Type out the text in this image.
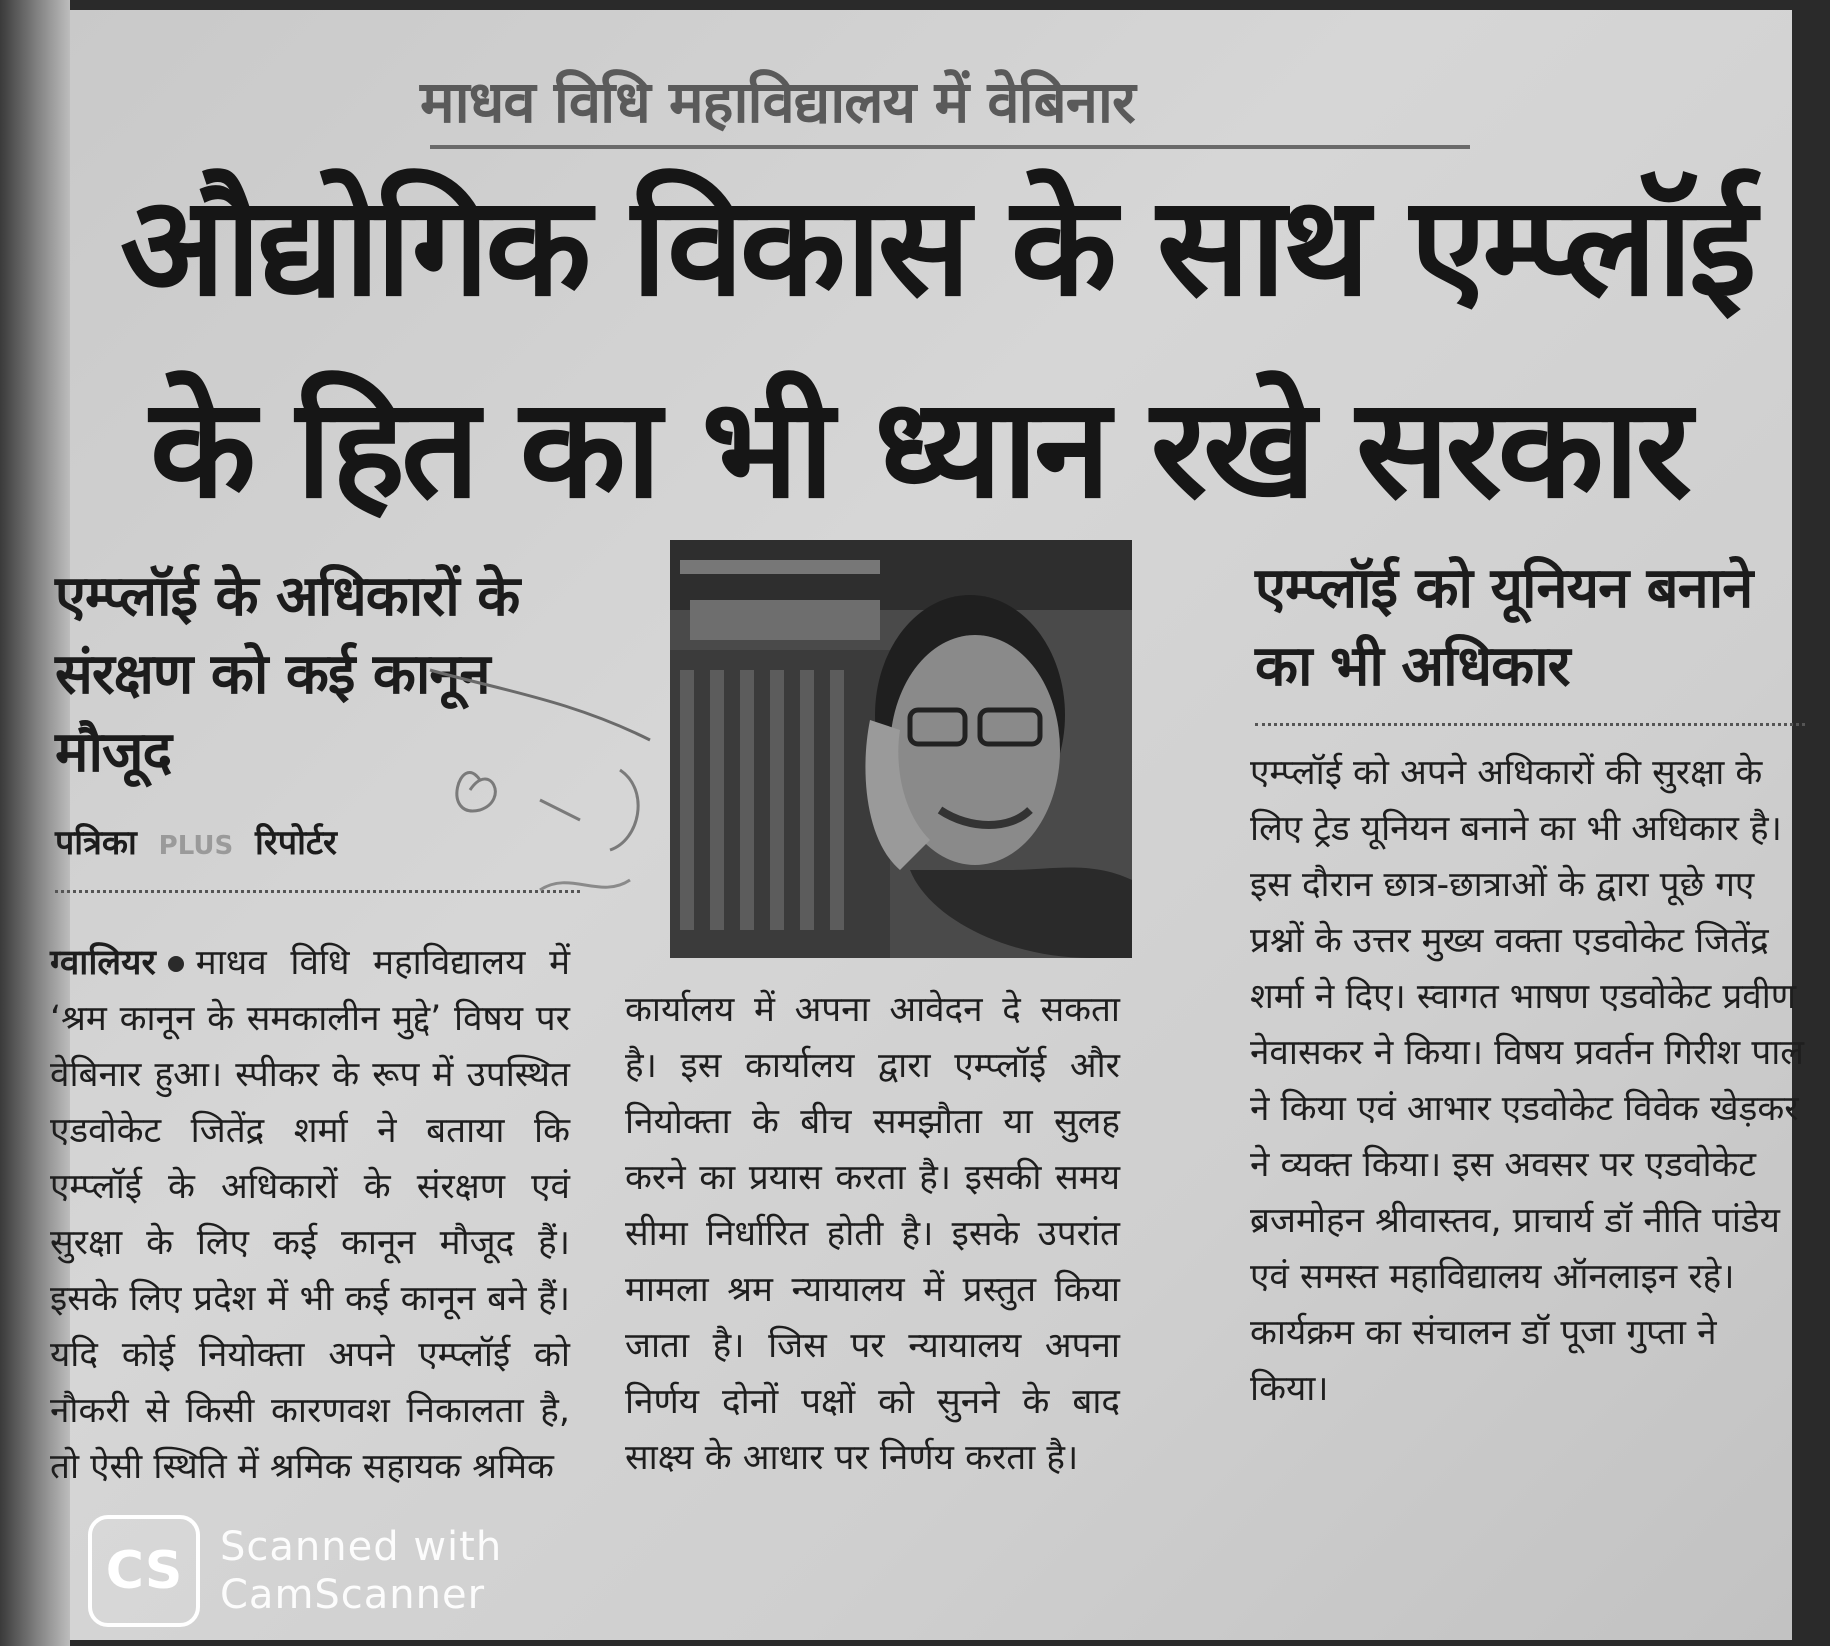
माधव विधि महाविद्यालय में वेबिनार
औद्योगिक विकास के साथ एम्प्लॉई
के हित का भी ध्यान रखे सरकार
एम्प्लॉई के अधिकारों के संरक्षण को कई कानून मौजूद
पत्रिका PLUS रिपोर्टर
एम्प्लॉई को यूनियन बनाने का भी अधिकार
ग्वालियर माधव विधि महाविद्यालय में ‘श्रम कानून के समकालीन मुद्दे’ विषय पर वेबिनार हुआ। स्पीकर के रूप में उपस्थित एडवोकेट जितेंद्र शर्मा ने बताया कि एम्प्लॉई के अधिकारों के संरक्षण एवं सुरक्षा के लिए कई कानून मौजूद हैं। इसके लिए प्रदेश में भी कई कानून बने हैं। यदि कोई नियोक्ता अपने एम्प्लॉई को नौकरी से किसी कारणवश निकालता है, तो ऐसी स्थिति में श्रमिक सहायक श्रमिक
कार्यालय में अपना आवेदन दे सकता है। इस कार्यालय द्वारा एम्प्लॉई और नियोक्ता के बीच समझौता या सुलह करने का प्रयास करता है। इसकी समय सीमा निर्धारित होती है। इसके उपरांत मामला श्रम न्यायालय में प्रस्तुत किया जाता है। जिस पर न्यायालय अपना निर्णय दोनों पक्षों को सुनने के बाद साक्ष्य के आधार पर निर्णय करता है।
एम्प्लॉई को अपने अधिकारों की सुरक्षा के लिए ट्रेड यूनियन बनाने का भी अधिकार है। इस दौरान छात्र-छात्राओं के द्वारा पूछे गए प्रश्नों के उत्तर मुख्य वक्ता एडवोकेट जितेंद्र शर्मा ने दिए। स्वागत भाषण एडवोकेट प्रवीण नेवासकर ने किया। विषय प्रवर्तन गिरीश पाल ने किया एवं आभार एडवोकेट विवेक खेड़कर ने व्यक्त किया। इस अवसर पर एडवोकेट ब्रजमोहन श्रीवास्तव, प्राचार्य डॉ नीति पांडेय एवं समस्त महाविद्यालय ऑनलाइन रहे। कार्यक्रम का संचालन डॉ पूजा गुप्ता ने किया।
CS Scanned with
CamScanner
